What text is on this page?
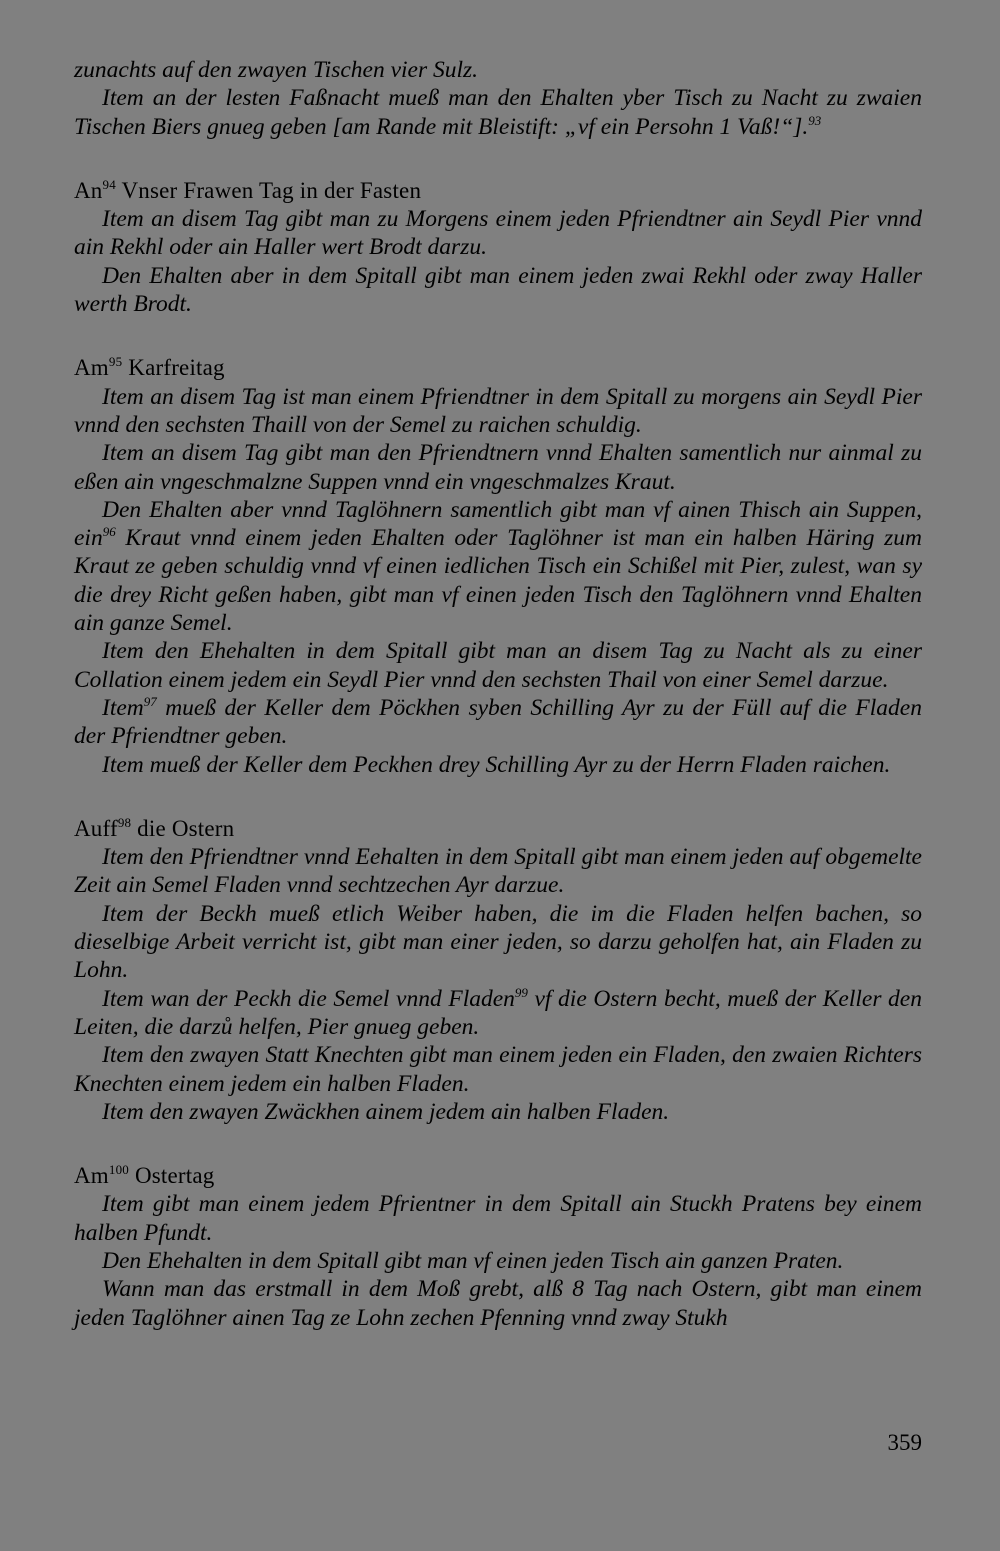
zunachts auf den zwayen Tischen vier Sulz.

Item an der lesten Faßnacht mueß man den Ehalten yber Tisch zu Nacht zu zwaien Tischen Biers gnueg geben [am Rande mit Bleistift: „vf ein Persohn 1 Vaß!“].$^{93}$

An$^{94}$ Vnser Frawen Tag in der Fasten

Item an disem Tag gibt man zu Morgens einem jeden Pfriendtner ain Seydl Pier vnnd ain Rekhl oder ain Haller wert Brodt darzu.

Den Ehalten aber in dem Spitall gibt man einem jeden zwai Rekhl oder zway Haller werth Brodt.

Am$^{95}$ Karfreitag

Item an disem Tag ist man einem Pfriendtner in dem Spitall zu morgens ain Seydl Pier vnnd den sechsten Thaill von der Semel zu raichen schuldig.

Item an disem Tag gibt man den Pfriendtnern vnnd Ehalten samentlich nur ainmal zu eßen ain vngeschmalzne Suppen vnnd ein vngeschmalzes Kraut.

Den Ehalten aber vnnd Taglöhnern samentlich gibt man vf ainen Thisch ain Suppen, ein$^{96}$ Kraut vnnd einem jeden Ehalten oder Taglöhner ist man ein halben Häring zum Kraut ze geben schuldig vnnd vf einen iedlichen Tisch ein Schißel mit Pier, zulest, wan sy die drey Richt geßen haben, gibt man vf einen jeden Tisch den Taglöhnern vnnd Ehalten ain ganze Semel.

Item den Ehehalten in dem Spitall gibt man an disem Tag zu Nacht als zu einer Collation einem jedem ein Seydl Pier vnnd den sechsten Thail von einer Semel darzue.

Item$^{97}$ mueß der Keller dem Pöckhen syben Schilling Ayr zu der Füll auf die Fladen der Pfriendtner geben.

Item mueß der Keller dem Peckhen drey Schilling Ayr zu der Herrn Fladen raichen.

Auff$^{98}$ die Ostern

Item den Pfriendtner vnnd Eehalten in dem Spitall gibt man einem jeden auf obgemelte Zeit ain Semel Fladen vnnd sechtzechen Ayr darzue.

Item der Beckh mueß etlich Weiber haben, die im die Fladen helfen bachen, so dieselbige Arbeit verricht ist, gibt man einer jeden, so darzu geholfen hat, ain Fladen zu Lohn.

Item wan der Peckh die Semel vnnd Fladen$^{99}$ vf die Ostern becht, mueß der Keller den Leiten, die darzů helfen, Pier gnueg geben.

Item den zwayen Statt Knechten gibt man einem jeden ein Fladen, den zwaien Richters Knechten einem jedem ein halben Fladen.

Item den zwayen Zwäckhen ainem jedem ain halben Fladen.

Am$^{100}$ Ostertag

Item gibt man einem jedem Pfrientner in dem Spitall ain Stuckh Pratens bey einem halben Pfundt.

Den Ehehalten in dem Spitall gibt man vf einen jeden Tisch ain ganzen Praten.

Wann man das erstmall in dem Moß grebt, alß 8 Tag nach Ostern, gibt man einem jeden Taglöhner ainen Tag ze Lohn zechen Pfenning vnnd zway Stukh

359
